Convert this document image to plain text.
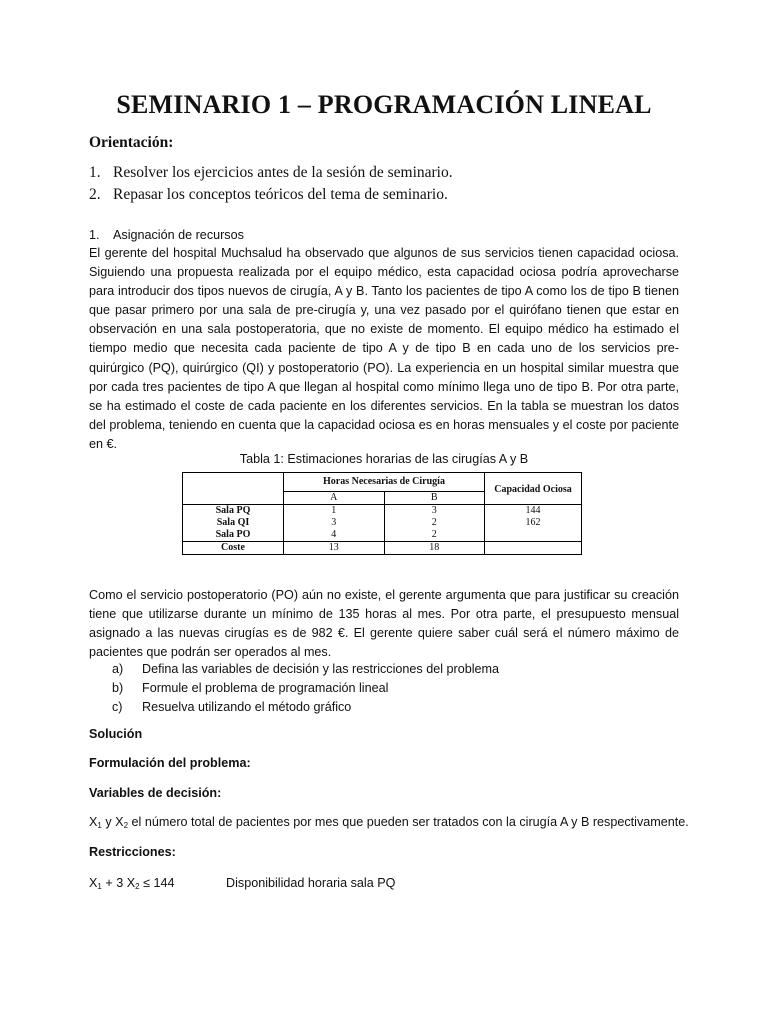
SEMINARIO 1 – PROGRAMACIÓN LINEAL
Orientación:
1. Resolver los ejercicios antes de la sesión de seminario.
2. Repasar los conceptos teóricos del tema de seminario.
1.	Asignación de recursos

El gerente del hospital Muchsalud ha observado que algunos de sus servicios tienen capacidad ociosa. Siguiendo una propuesta realizada por el equipo médico, esta capacidad ociosa podría aprovecharse para introducir dos tipos nuevos de cirugía, A y B. Tanto los pacientes de tipo A como los de tipo B tienen que pasar primero por una sala de pre-cirugía y, una vez pasado por el quirófano tienen que estar en observación en una sala postoperatoria, que no existe de momento. El equipo médico ha estimado el tiempo medio que necesita cada paciente de tipo A y de tipo B en cada uno de los servicios pre-quirúrgico (PQ), quirúrgico (QI) y postoperatorio (PO). La experiencia en un hospital similar muestra que por cada tres pacientes de tipo A que llegan al hospital como mínimo llega uno de tipo B. Por otra parte, se ha estimado el coste de cada paciente en los diferentes servicios. En la tabla se muestran los datos del problema, teniendo en cuenta que la capacidad ociosa es en horas mensuales y el coste por paciente en €.

Tabla 1: Estimaciones horarias de las cirugías A y B
	Horas Necesarias de Cirugía		Capacidad Ociosa
	A	B	
Sala PQ	1	3	144
Sala QI	3	2	162
Sala PO	4	2	
Coste	13	18	

Como el servicio postoperatorio (PO) aún no existe, el gerente argumenta que para justificar su creación tiene que utilizarse durante un mínimo de 135 horas al mes. Por otra parte, el presupuesto mensual asignado a las nuevas cirugías es de 982 €. El gerente quiere saber cuál será el número máximo de pacientes que podrán ser operados al mes.

a)	Defina las variables de decisión y las restricciones del problema
b)	Formule el problema de programación lineal
c)	Resuelva utilizando el método gráfico
Solución
Formulación del problema:
Variables de decisión:
$X_1$ y $X_2$ el número total de pacientes por mes que pueden ser tratados con la cirugía A y B respectivamente.
Restricciones:
$X_1 + 3$ $X_2 \le 144$	Disponibilidad horaria sala PQ
